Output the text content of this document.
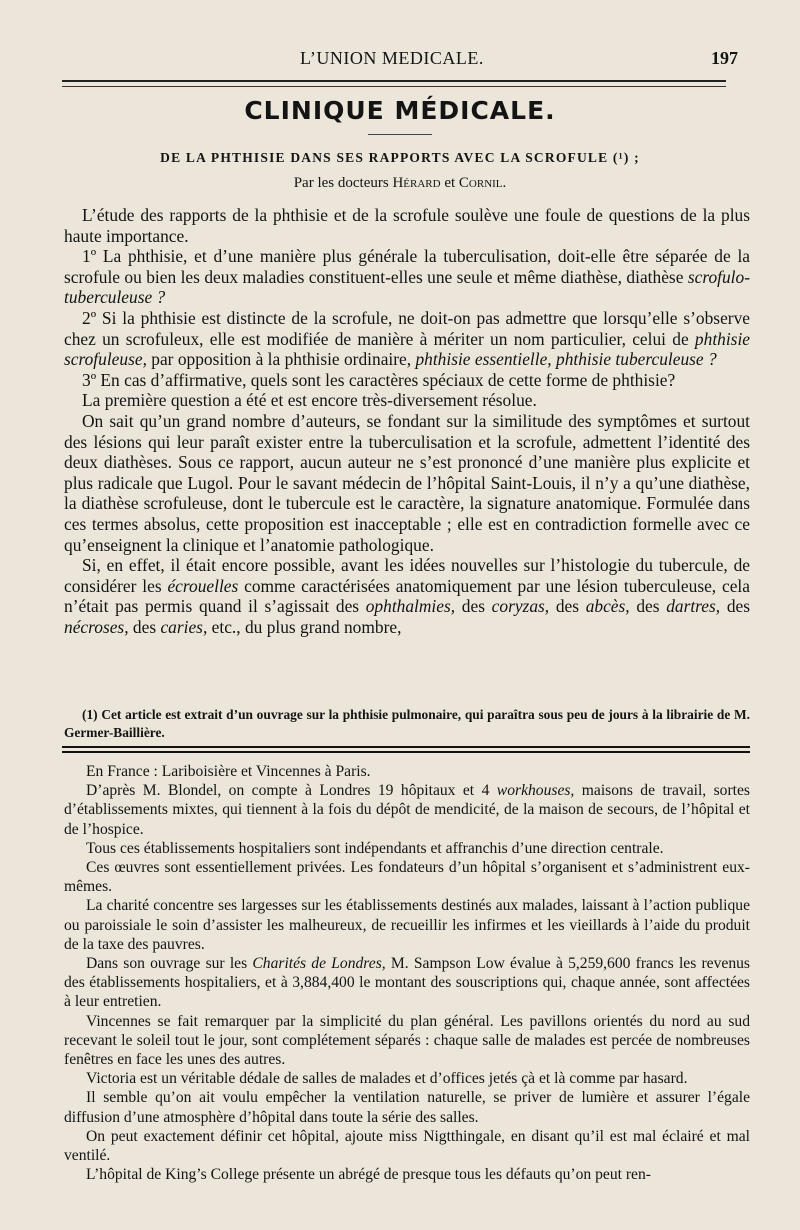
L’UNION MEDICALE.	197
CLINIQUE MÉDICALE.
DE LA PHTHISIE DANS SES RAPPORTS AVEC LA SCROFULE (¹) ;
Par les docteurs Hérard et Cornil.

L’étude des rapports de la phthisie et de la scrofule soulève une foule de questions de la plus haute importance.

1º La phthisie, et d’une manière plus générale la tuberculisation, doit-elle être séparée de la scrofule ou bien les deux maladies constituent-elles une seule et même diathèse, diathèse scrofulo-tuberculeuse ?

2º Si la phthisie est distincte de la scrofule, ne doit-on pas admettre que lorsqu’elle s’observe chez un scrofuleux, elle est modifiée de manière à mériter un nom particulier, celui de phthisie scrofuleuse, par opposition à la phthisie ordinaire, phthisie essentielle, phthisie tuberculeuse ?

3º En cas d’affirmative, quels sont les caractères spéciaux de cette forme de phthisie?

La première question a été et est encore très-diversement résolue.

On sait qu’un grand nombre d’auteurs, se fondant sur la similitude des symptômes et surtout des lésions qui leur paraît exister entre la tuberculisation et la scrofule, admettent l’identité des deux diathèses. Sous ce rapport, aucun auteur ne s’est prononcé d’une manière plus explicite et plus radicale que Lugol. Pour le savant médecin de l’hôpital Saint-Louis, il n’y a qu’une diathèse, la diathèse scrofuleuse, dont le tubercule est le caractère, la signature anatomique. Formulée dans ces termes absolus, cette proposition est inacceptable ; elle est en contradiction formelle avec ce qu’enseignent la clinique et l’anatomie pathologique.

Si, en effet, il était encore possible, avant les idées nouvelles sur l’histologie du tubercule, de considérer les écrouelles comme caractérisées anatomiquement par une lésion tuberculeuse, cela n’était pas permis quand il s’agissait des ophthalmies, des coryzas, des abcès, des dartres, des nécroses, des caries, etc., du plus grand nombre,

(1) Cet article est extrait d’un ouvrage sur la phthisie pulmonaire, qui paraîtra sous peu de jours à la librairie de M. Germer-Baillière.

En France : Lariboisière et Vincennes à Paris.

D’après M. Blondel, on compte à Londres 19 hôpitaux et 4 workhouses, maisons de travail, sortes d’établissements mixtes, qui tiennent à la fois du dépôt de mendicité, de la maison de secours, de l’hôpital et de l’hospice.

Tous ces établissements hospitaliers sont indépendants et affranchis d’une direction centrale.

Ces œuvres sont essentiellement privées. Les fondateurs d’un hôpital s’organisent et s’administrent eux-mêmes.

La charité concentre ses largesses sur les établissements destinés aux malades, laissant à l’action publique ou paroissiale le soin d’assister les malheureux, de recueillir les infirmes et les vieillards à l’aide du produit de la taxe des pauvres.

Dans son ouvrage sur les Charités de Londres, M. Sampson Low évalue à 5,259,600 francs les revenus des établissements hospitaliers, et à 3,884,400 le montant des souscriptions qui, chaque année, sont affectées à leur entretien.

Vincennes se fait remarquer par la simplicité du plan général. Les pavillons orientés du nord au sud recevant le soleil tout le jour, sont complétement séparés : chaque salle de malades est percée de nombreuses fenêtres en face les unes des autres.

Victoria est un véritable dédale de salles de malades et d’offices jetés çà et là comme par hasard.

Il semble qu’on ait voulu empêcher la ventilation naturelle, se priver de lumière et assurer l’égale diffusion d’une atmosphère d’hôpital dans toute la série des salles.

On peut exactement définir cet hôpital, ajoute miss Nigtthingale, en disant qu’il est mal éclairé et mal ventilé.

L’hôpital de King’s College présente un abrégé de presque tous les défauts qu’on peut ren-
